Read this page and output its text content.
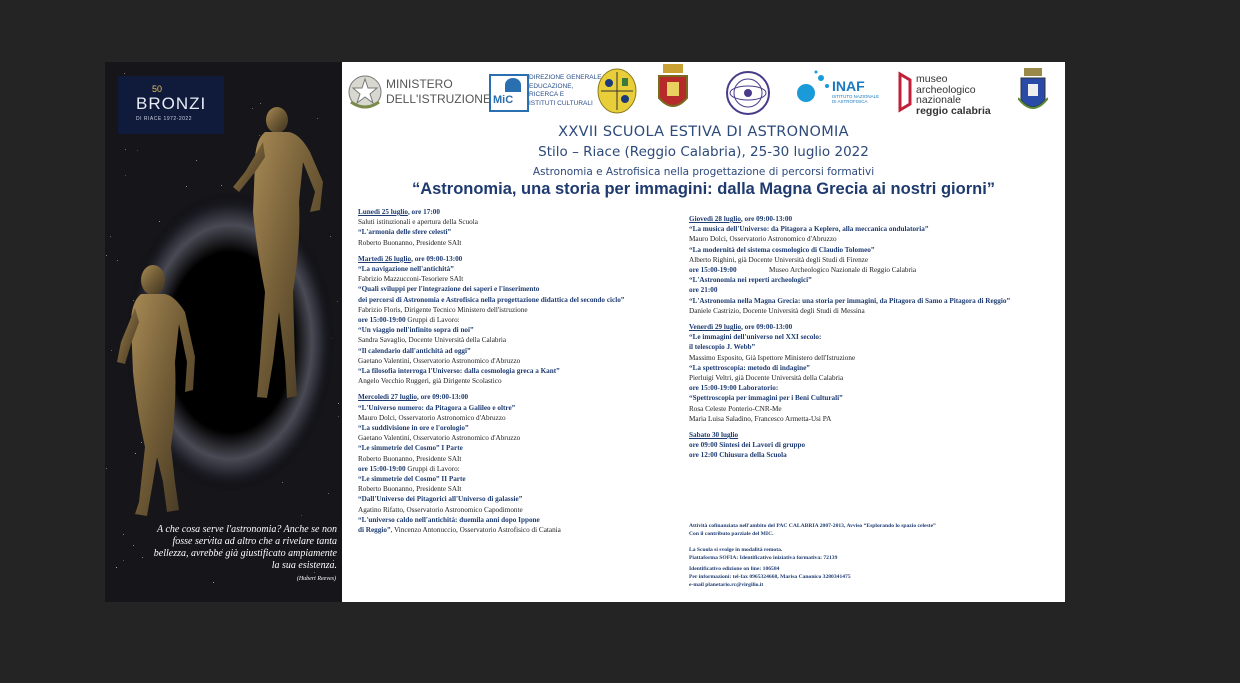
50
BRONZI
DI RIACE 1972-2022
A che cosa serve l'astronomia? Anche se non fosse servita ad altro che a rivelare tanta bellezza, avrebbe già giustificato ampiamente la sua esistenza.
(Hubert Reeves)
MINISTERO
DELL'ISTRUZIONE MiC
DIREZIONE GENERALE
EDUCAZIONE,
RICERCA E
ISTITUTI CULTURALI
INAF
ISTITUTO NAZIONALE
DI ASTROFISICA
museo
archeologico
nazionale
reggio calabria
XXVII SCUOLA ESTIVA DI ASTRONOMIA
Stilo – Riace (Reggio Calabria), 25-30 luglio 2022
Astronomia e Astrofisica nella progettazione di percorsi formativi
“Astronomia, una storia per immagini: dalla Magna Grecia ai nostri giorni”
Lunedì 25 luglio, ore 17:00
Saluti istituzionali e apertura della Scuola
“L'armonia delle sfere celesti”
Roberto Buonanno, Presidente SAIt
Martedì 26 luglio, ore 09:00-13:00
“La navigazione nell'antichità”
Fabrizio Mazzucconi-Tesoriere SAIt
“Quali sviluppi per l'integrazione dei saperi e l'inserimento
dei percorsi di Astronomia e Astrofisica nella progettazione didattica del secondo ciclo”
Fabrizio Floris, Dirigente Tecnico Ministero dell'istruzione
ore 15:00-19:00 Gruppi di Lavoro:
“Un viaggio nell'infinito sopra di noi”
Sandra Savaglio, Docente Università della Calabria
“Il calendario dall'antichità ad oggi”
Gaetano Valentini, Osservatorio Astronomico d'Abruzzo
“La filosofia interroga l'Universo: dalla cosmologia greca a Kant”
Angelo Vecchio Ruggeri, già Dirigente Scolastico
Mercoledì 27 luglio, ore 09:00-13:00
“L'Universo numero: da Pitagora a Galileo e oltre”
Mauro Dolci, Osservatorio Astronomico d'Abruzzo
“La suddivisione in ore e l'orologio”
Gaetano Valentini, Osservatorio Astronomico d'Abruzzo
“Le simmetrie del Cosmo” I Parte
Roberto Buonanno, Presidente SAIt
ore 15:00-19:00 Gruppi di Lavoro:
“Le simmetrie del Cosmo” II Parte
Roberto Buonanno, Presidente SAIt
“Dall'Universo dei Pitagorici all'Universo di galassie”
Agatino Rifatto, Osservatorio Astronomico Capodimonte
“L'universo caldo nell'antichità: duemila anni dopo Ipponе
di Reggio”, Vincenzo Antonuccio, Osservatorio Astrofisico di Catania
Giovedì 28 luglio, ore 09:00-13:00
“La musica dell'Universo: da Pitagora a Keplero, alla meccanica ondulatoria”
Mauro Dolci, Osservatorio Astronomico d'Abruzzo
“La modernità del sistema cosmologico di Claudio Tolomeo”
Alberto Righini, già Docente Università degli Studi di Firenze
ore 15:00-19:00	Museo Archeologico Nazionale di Reggio Calabria
“L'Astronomia nei reperti archeologici”
ore 21:00
“L'Astronomia nella Magna Grecia: una storia per immagini, da Pitagora di Samo a Pitagora di Reggio”
Daniele Castrizio, Docente Università degli Studi di Messina
Venerdì 29 luglio, ore 09:00-13:00
“Le immagini dell'universo nel XXI secolo:
il telescopio J. Webb”
Massimo Esposito, Già Ispettore Ministero dell'Istruzione
“La spettroscopia: metodo di indagine”
Pierluigi Veltri, già Docente Università della Calabria
ore 15:00-19:00 Laboratorio:
“Spettroscopia per immagini per i Beni Culturali”
Rosa Celeste Ponterio-CNR-Me
Maria Luisa Saladino, Francesco Armetta-Usi PA
Sabato 30 luglio
ore 09:00 Sintesi dei Lavori di gruppo
ore 12:00 Chiusura della Scuola
Attività cofinanziata nell'ambito del PAC CALABRIA 2007-2013, Avviso “Esplorando lo spazio celeste”
Con il contributo parziale del MIC.
La Scuola si svolge in modalità remota.
Piattaforma SOFIA: Identificativo iniziativa formativa: 72139
Identificativo edizione on line: 106584
Per informazioni: tel-fax 0965324668, Marisa Canonico 3280341475
e-mail planetario.rc@virgilio.it
